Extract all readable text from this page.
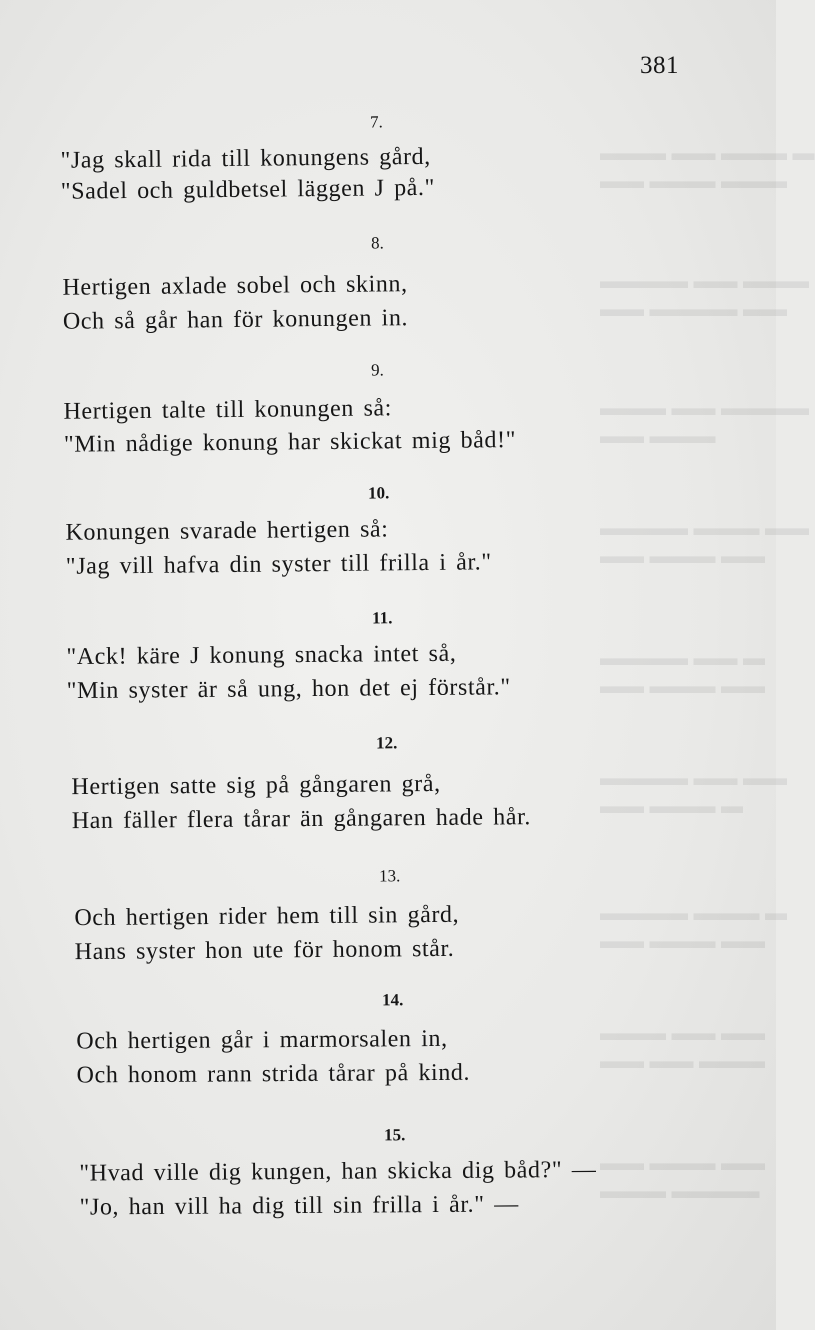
▬▬▬ ▬▬ ▬▬▬ ▬
▬▬ ▬▬▬ ▬▬▬
▬▬▬▬ ▬▬ ▬▬▬
▬▬ ▬▬▬▬ ▬▬
▬▬▬ ▬▬ ▬▬▬▬
▬▬ ▬▬▬
▬▬▬▬ ▬▬▬ ▬▬
▬▬ ▬▬▬ ▬▬
▬▬▬▬ ▬▬ ▬
▬▬ ▬▬▬ ▬▬
▬▬▬▬ ▬▬ ▬▬
▬▬ ▬▬▬ ▬
▬▬▬▬ ▬▬▬ ▬
▬▬ ▬▬▬ ▬▬
▬▬▬ ▬▬ ▬▬
▬▬ ▬▬ ▬▬▬
▬▬ ▬▬▬ ▬▬
▬▬▬ ▬▬▬▬
381
7.
"Jag skall rida till konungens gård,
"Sadel och guldbetsel läggen J på."
8.
Hertigen axlade sobel och skinn,
Och så går han för konungen in.
9.
Hertigen talte till konungen så:
"Min nådige konung har skickat mig båd!"
10.
Konungen svarade hertigen så:
"Jag vill hafva din syster till frilla i år."
11.
"Ack! käre J konung snacka intet så,
"Min syster är så ung, hon det ej förstår."
12.
Hertigen satte sig på gångaren grå,
Han fäller flera tårar än gångaren hade hår.
13.
Och hertigen rider hem till sin gård,
Hans syster hon ute för honom står.
14.
Och hertigen går i marmorsalen in,
Och honom rann strida tårar på kind.
15.
"Hvad ville dig kungen, han skicka dig båd?" —
"Jo, han vill ha dig till sin frilla i år." —
